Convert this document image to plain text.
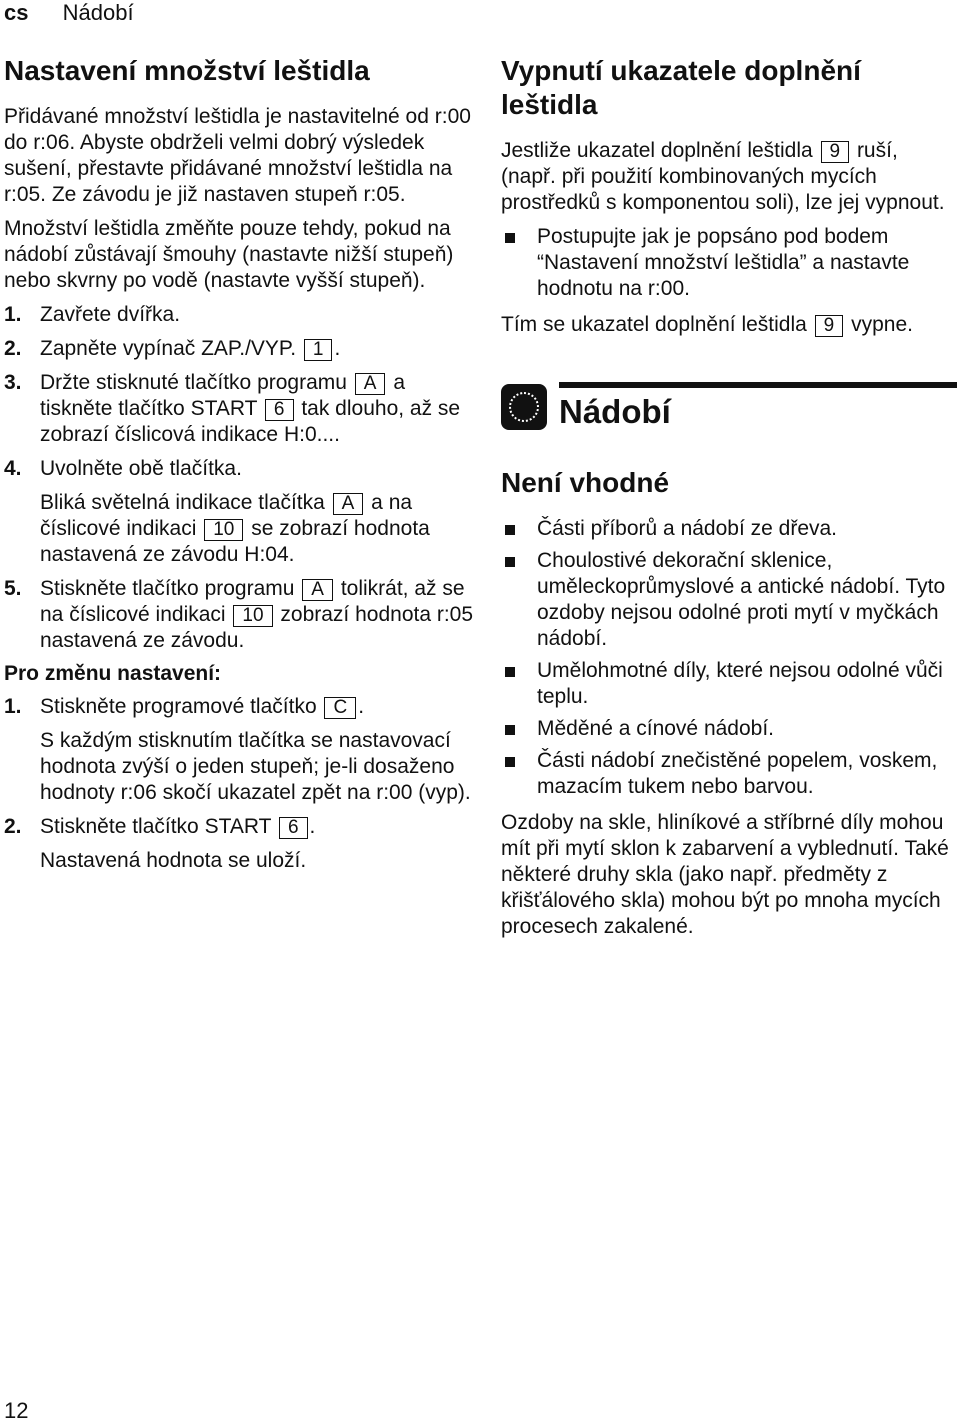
cs Nádobí
Nastavení množství leštidla

Přidávané množství leštidla je nastavitelné od r:00 do r:06. Abyste obdrželi velmi dobrý výsledek sušení, přestavte přidávané množství leštidla na r:05. Ze závodu je již nastaven stupeň r:05.

Množství leštidla změňte pouze tehdy, pokud na nádobí zůstávají šmouhy (nastavte nižší stupeň) nebo skvrny po vodě (nastavte vyšší stupeň).

1. Zavřete dvířka.
2. Zapněte vypínač ZAP./VYP. 1 .
3. Držte stisknuté tlačítko programu A a tiskněte tlačítko START 6 tak dlouho, až se zobrazí číslicová indikace H:0....
4. Uvolněte obě tlačítka.
Bliká světelná indikace tlačítka A a na číslicové indikaci 10 se zobrazí hodnota nastavená ze závodu H:04.
5. Stiskněte tlačítko programu A tolikrát, až se na číslicové indikaci 10 zobrazí hodnota r:05 nastavená ze závodu.
Pro změnu nastavení:
1. Stiskněte programové tlačítko C .
S každým stisknutím tlačítka se nastavovací hodnota zvýší o jeden stupeň; je-li dosaženo hodnoty r:06 skočí ukazatel zpět na r:00 (vyp).
2. Stiskněte tlačítko START 6 .
Nastavená hodnota se uloží.
Vypnutí ukazatele doplnění leštidla

Jestliže ukazatel doplnění leštidla 9 ruší, (např. při použití kombinovaných mycích prostředků s komponentou soli), lze jej vypnout.

Postupujte jak je popsáno pod bodem “Nastavení množství leštidla” a nastavte hodnotu na r:00.

Tím se ukazatel doplnění leštidla 9 vypne.

Nádobí
Není vhodné
Části příborů a nádobí ze dřeva.
Choulostivé dekorační sklenice, uměleckoprůmyslové a antické nádobí. Tyto ozdoby nejsou odolné proti mytí v myčkách nádobí.
Umělohmotné díly, které nejsou odolné vůči teplu.
Měděné a cínové nádobí.
Části nádobí znečistěné popelem, voskem, mazacím tukem nebo barvou.

Ozdoby na skle, hliníkové a stříbrné díly mohou mít při mytí sklon k zabarvení a vyblednutí. Také některé druhy skla (jako např. předměty z křišťálového skla) mohou být po mnoha mycích procesech zakalené.

12
